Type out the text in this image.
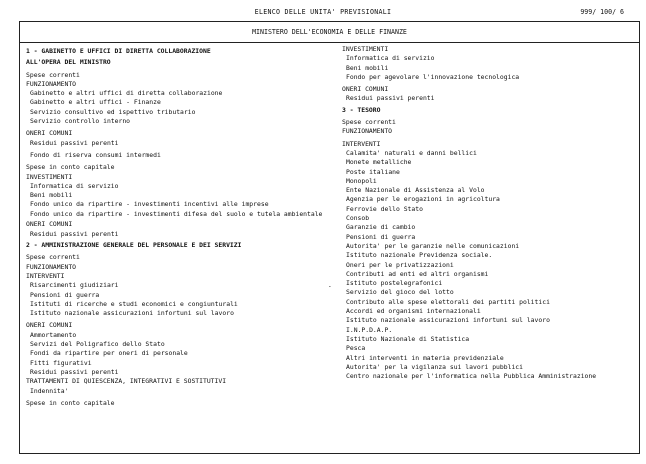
ELENCO DELLE UNITA' PREVISIONALI	999/ 100/ 6
MINISTERO DELL'ECONOMIA E DELLE FINANZE
1 - GABINETTO E UFFICI DI DIRETTA COLLABORAZIONE
ALL'OPERA DEL MINISTRO
Spese correnti
FUNZIONAMENTO
Gabinetto e altri uffici di diretta collaborazione
Gabinetto e altri uffici - Finanze
Servizio consultivo ed ispettivo tributario
Servizio controllo interno
ONERI COMUNI
Residui passivi perenti
Fondo di riserva consumi intermedi
Spese in conto capitale
INVESTIMENTI
Informatica di servizio
Beni mobili
Fondo unico da ripartire - investimenti incentivi alle imprese
Fondo unico da ripartire - investimenti difesa del suolo e tutela ambientale
ONERI COMUNI
Residui passivi perenti
2 - AMMINISTRAZIONE GENERALE DEL PERSONALE E DEI SERVIZI
Spese correnti
FUNZIONAMENTO
INTERVENTI
Risarcimenti giudiziari
Pensioni di guerra
Istituti di ricerche e studi economici e congiunturali
Istituto nazionale assicurazioni infortuni sul lavoro
ONERI COMUNI
Ammortamento
Servizi del Poligrafico dello Stato
Fondi da ripartire per oneri di personale
Fitti figurativi
Residui passivi perenti
TRATTAMENTI DI QUIESCENZA, INTEGRATIVI E SOSTITUTIVI
Indennita'
Spese in conto capitale
INVESTIMENTI
Informatica di servizio
Beni mobili
Fondo per agevolare l'innovazione tecnologica
ONERI COMUNI
Residui passivi perenti
3 - TESORO
Spese correnti
FUNZIONAMENTO
INTERVENTI
Calamita' naturali e danni bellici
Monete metalliche
Poste italiane
Monopoli
Ente Nazionale di Assistenza al Volo
Agenzia per le erogazioni in agricoltura
Ferrovie dello Stato
Consob
Garanzie di cambio
Pensioni di guerra
Autorita' per le garanzie nelle comunicazioni
Istituto nazionale Previdenza sociale.
Oneri per le privatizzazioni
Contributi ad enti ed altri organismi
Istituto postelegrafonici
Servizio del gioco del lotto
Contributo alle spese elettorali dei partiti politici
Accordi ed organismi internazionali
Istituto nazionale assicurazioni infortuni sul lavoro
I.N.P.D.A.P.
Istituto Nazionale di Statistica
Pesca
Altri interventi in materia previdenziale
Autorita' per la vigilanza sui lavori pubblici
Centro nazionale per l'informatica nella Pubblica Amministrazione
-
